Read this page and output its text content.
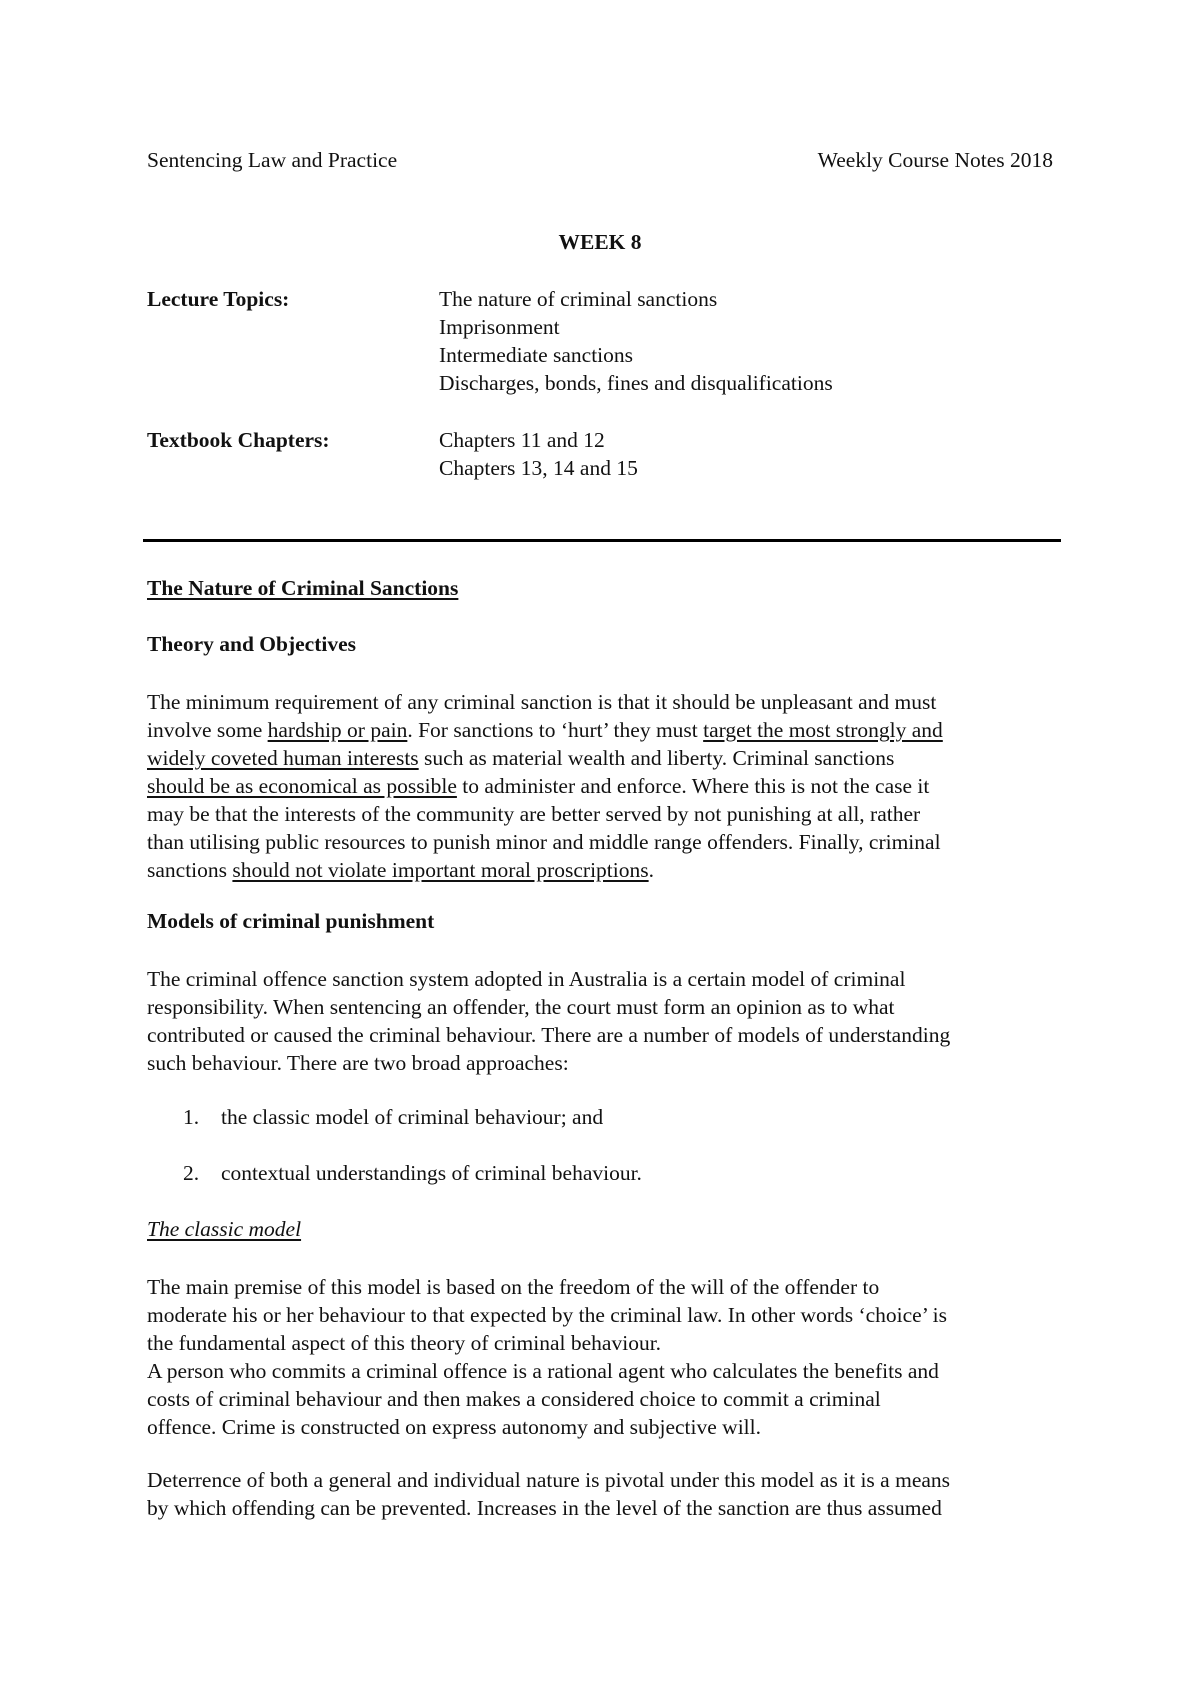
Sentencing Law and Practice	Weekly Course Notes 2018
WEEK 8
Lecture Topics:	The nature of criminal sanctions
Imprisonment
Intermediate sanctions
Discharges, bonds, fines and disqualifications
Textbook Chapters:	Chapters 11 and 12
Chapters 13, 14 and 15
The Nature of Criminal Sanctions
Theory and Objectives
The minimum requirement of any criminal sanction is that it should be unpleasant and must
involve some hardship or pain. For sanctions to ‘hurt’ they must target the most strongly and
widely coveted human interests such as material wealth and liberty. Criminal sanctions
should be as economical as possible to administer and enforce. Where this is not the case it
may be that the interests of the community are better served by not punishing at all, rather
than utilising public resources to punish minor and middle range offenders. Finally, criminal
sanctions should not violate important moral proscriptions.
Models of criminal punishment
The criminal offence sanction system adopted in Australia is a certain model of criminal
responsibility. When sentencing an offender, the court must form an opinion as to what
contributed or caused the criminal behaviour. There are a number of models of understanding
such behaviour. There are two broad approaches:
1. the classic model of criminal behaviour; and
2. contextual understandings of criminal behaviour.
The classic model
The main premise of this model is based on the freedom of the will of the offender to
moderate his or her behaviour to that expected by the criminal law. In other words ‘choice’ is
the fundamental aspect of this theory of criminal behaviour.
A person who commits a criminal offence is a rational agent who calculates the benefits and
costs of criminal behaviour and then makes a considered choice to commit a criminal
offence. Crime is constructed on express autonomy and subjective will.
Deterrence of both a general and individual nature is pivotal under this model as it is a means
by which offending can be prevented. Increases in the level of the sanction are thus assumed
